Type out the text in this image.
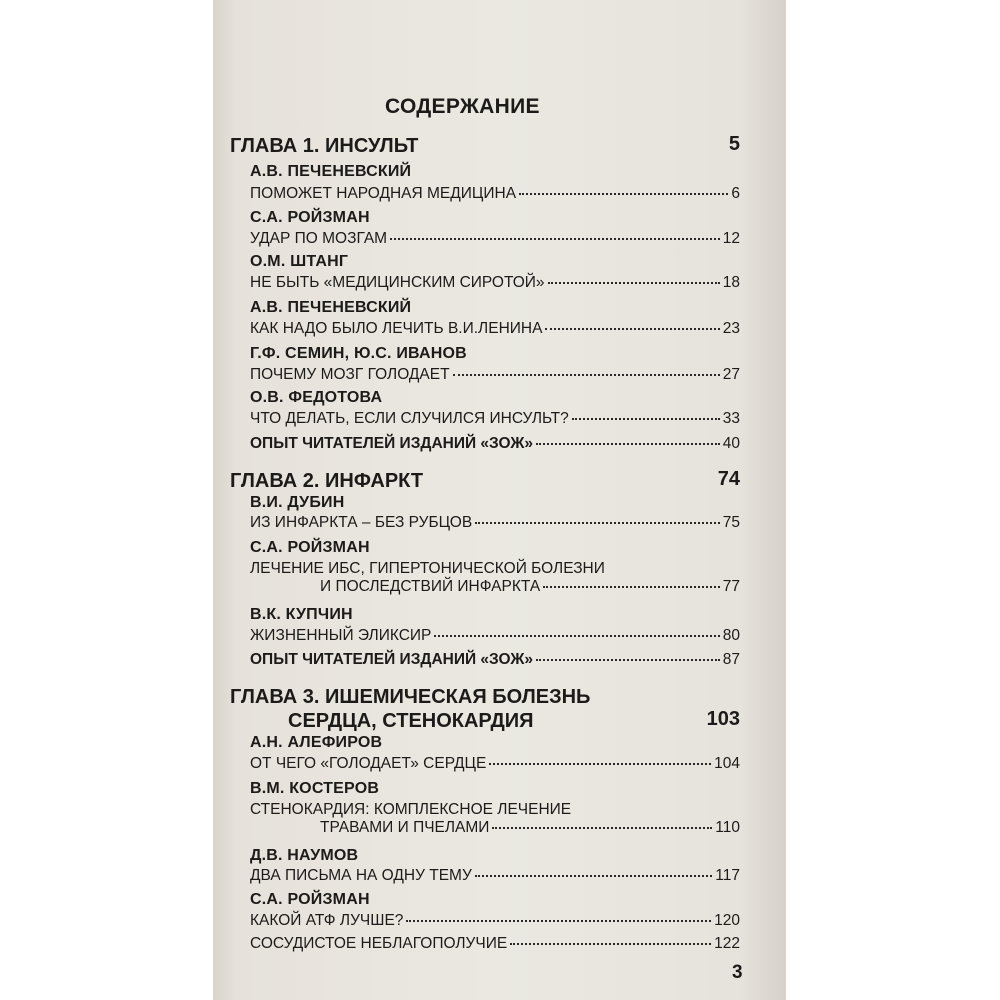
СОДЕРЖАНИЕ
ГЛАВА 1. ИНСУЛЬТ	5
А.В. ПЕЧЕНЕВСКИЙ
ПОМОЖЕТ НАРОДНАЯ МЕДИЦИНА	6
С.А. РОЙЗМАН
УДАР ПО МОЗГАМ	12
О.М. ШТАНГ
НЕ БЫТЬ «МЕДИЦИНСКИМ СИРОТОЙ»	18
А.В. ПЕЧЕНЕВСКИЙ
КАК НАДО БЫЛО ЛЕЧИТЬ В.И.ЛЕНИНА	23
Г.Ф. СЕМИН, Ю.С. ИВАНОВ
ПОЧЕМУ МОЗГ ГОЛОДАЕТ	27
О.В. ФЕДОТОВА
ЧТО ДЕЛАТЬ, ЕСЛИ СЛУЧИЛСЯ ИНСУЛЬТ?	33
ОПЫТ ЧИТАТЕЛЕЙ ИЗДАНИЙ «ЗОЖ»	40
ГЛАВА 2. ИНФАРКТ	74
В.И. ДУБИН
ИЗ ИНФАРКТА – БЕЗ РУБЦОВ	75
С.А. РОЙЗМАН
ЛЕЧЕНИЕ ИБС, ГИПЕРТОНИЧЕСКОЙ БОЛЕЗНИ
И ПОСЛЕДСТВИЙ ИНФАРКТА	77
В.К. КУПЧИН
ЖИЗНЕННЫЙ ЭЛИКСИР	80
ОПЫТ ЧИТАТЕЛЕЙ ИЗДАНИЙ «ЗОЖ»	87
ГЛАВА 3. ИШЕМИЧЕСКАЯ БОЛЕЗНЬ
СЕРДЦА, СТЕНОКАРДИЯ	103
А.Н. АЛЕФИРОВ
ОТ ЧЕГО «ГОЛОДАЕТ» СЕРДЦЕ	104
В.М. КОСТЕРОВ
СТЕНОКАРДИЯ: КОМПЛЕКСНОЕ ЛЕЧЕНИЕ
ТРАВАМИ И ПЧЕЛАМИ	110
Д.В. НАУМОВ
ДВА ПИСЬМА НА ОДНУ ТЕМУ	117
С.А. РОЙЗМАН
КАКОЙ АТФ ЛУЧШЕ?	120
СОСУДИСТОЕ НЕБЛАГОПОЛУЧИЕ	122
3
